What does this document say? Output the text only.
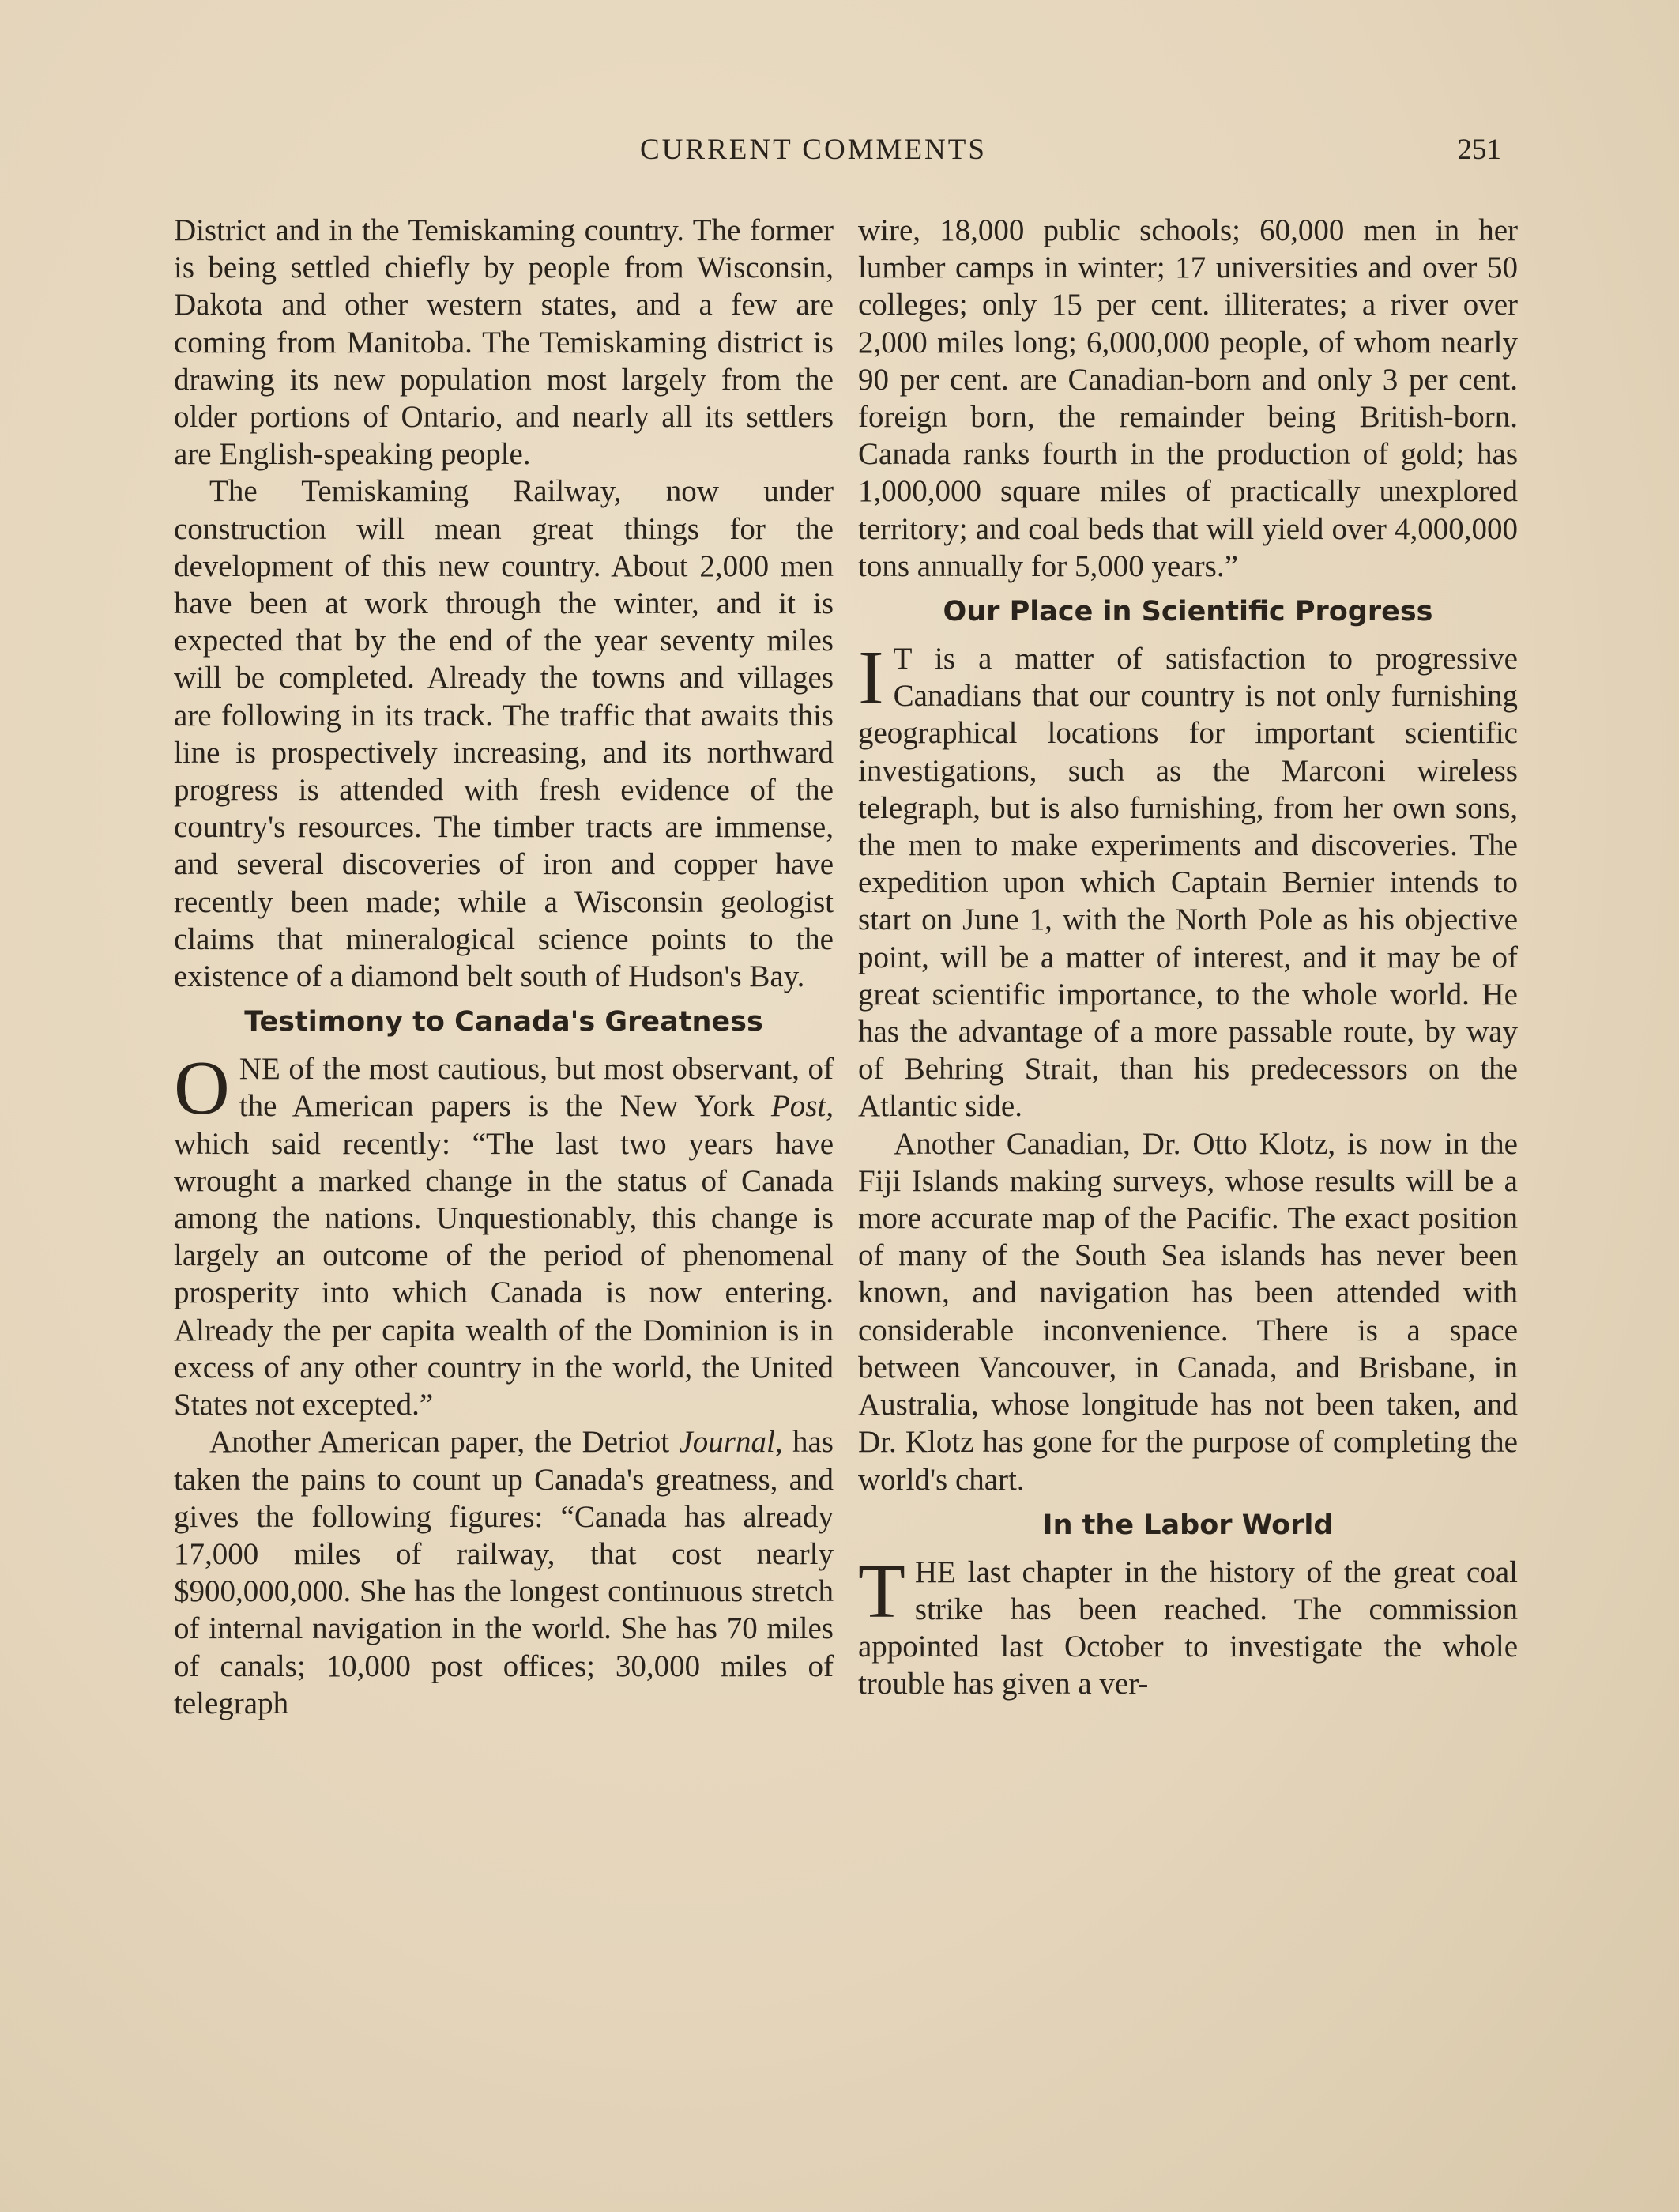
CURRENT COMMENTS	251

District and in the Temiskaming country. The former is being settled chiefly by people from Wisconsin, Dakota and other western states, and a few are coming from Manitoba. The Temiskaming district is drawing its new population most largely from the older portions of Ontario, and nearly all its settlers are English-speaking people.

The Temiskaming Railway, now under construction will mean great things for the development of this new country. About 2,000 men have been at work through the winter, and it is expected that by the end of the year seventy miles will be completed. Already the towns and villages are following in its track. The traffic that awaits this line is prospectively increasing, and its northward progress is attended with fresh evidence of the country's resources. The timber tracts are immense, and several discoveries of iron and copper have recently been made; while a Wisconsin geologist claims that mineralogical science points to the existence of a diamond belt south of Hudson's Bay.

Testimony to Canada's Greatness

ONE of the most cautious, but most observant, of the American papers is the New York Post, which said recently: “The last two years have wrought a marked change in the status of Canada among the nations. Unquestionably, this change is largely an outcome of the period of phenomenal prosperity into which Canada is now entering. Already the per capita wealth of the Dominion is in excess of any other country in the world, the United States not excepted.”

Another American paper, the Detriot Journal, has taken the pains to count up Canada's greatness, and gives the following figures: “Canada has already 17,000 miles of railway, that cost nearly $900,000,000. She has the longest continuous stretch of internal navigation in the world. She has 70 miles of canals; 10,000 post offices; 30,000 miles of telegraph

wire, 18,000 public schools; 60,000 men in her lumber camps in winter; 17 universities and over 50 colleges; only 15 per cent. illiterates; a river over 2,000 miles long; 6,000,000 people, of whom nearly 90 per cent. are Canadian-born and only 3 per cent. foreign born, the remainder being British-born. Canada ranks fourth in the production of gold; has 1,000,000 square miles of practically unexplored territory; and coal beds that will yield over 4,000,000 tons annually for 5,000 years.”

Our Place in Scientific Progress

I T is a matter of satisfaction to progressive Canadians that our country is not only furnishing geographical locations for important scientific investigations, such as the Marconi wireless telegraph, but is also furnishing, from her own sons, the men to make experiments and discoveries. The expedition upon which Captain Bernier intends to start on June 1, with the North Pole as his objective point, will be a matter of interest, and it may be of great scientific importance, to the whole world. He has the advantage of a more passable route, by way of Behring Strait, than his predecessors on the Atlantic side.

Another Canadian, Dr. Otto Klotz, is now in the Fiji Islands making surveys, whose results will be a more accurate map of the Pacific. The exact position of many of the South Sea islands has never been known, and navigation has been attended with considerable inconvenience. There is a space between Vancouver, in Canada, and Brisbane, in Australia, whose longitude has not been taken, and Dr. Klotz has gone for the purpose of completing the world's chart.

In the Labor World

THE last chapter in the history of the great coal strike has been reached. The commission appointed last October to investigate the whole trouble has given a ver-
